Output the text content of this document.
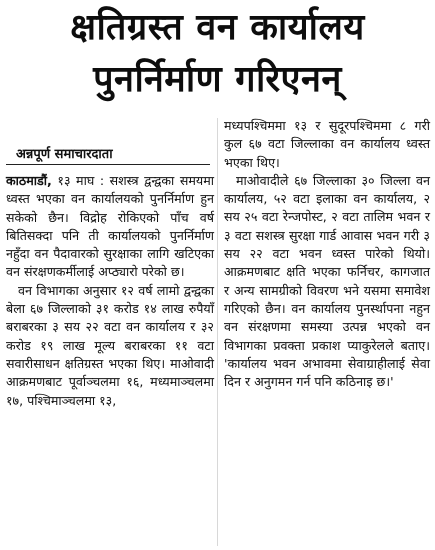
क्षतिग्रस्त वन कार्यालय
पुनर्निर्माण गरिएनन्
अन्नपूर्ण समाचारदाता

काठमाडौं, १३ माघ : सशस्त्र द्वन्द्वका समयमा ध्वस्त भएका वन कार्यालयको पुनर्निर्माण हुन सकेको छैन। विद्रोह रोकिएको पाँच वर्ष बितिसक्दा पनि ती कार्यालयको पुनर्निर्माण नहुँदा वन पैदावारको सुरक्षाका लागि खटिएका वन संरक्षणकर्मीलाई अप्ठ्यारो परेको छ।

वन विभागका अनुसार १२ वर्ष लामो द्वन्द्वका बेला ६७ जिल्लाको ३१ करोड १४ लाख रुपैयाँ बराबरका ३ सय २२ वटा वन कार्यालय र ३२ करोड १९ लाख मूल्य बराबरका ११ वटा सवारीसाधन क्षतिग्रस्त भएका थिए। माओवादी आक्रमणबाट पूर्वाञ्चलमा १६, मध्यमाञ्चलमा १७, पश्चिमाञ्चलमा १३,

मध्यपश्चिममा १३ र सुदूरपश्चिममा ८ गरी कुल ६७ वटा जिल्लाका वन कार्यालय ध्वस्त भएका थिए।

माओवादीले ६७ जिल्लाका ३० जिल्ला वन कार्यालय, ५२ वटा इलाका वन कार्यालय, २ सय २५ वटा रेन्जपोस्ट, २ वटा तालिम भवन र ३ वटा सशस्त्र सुरक्षा गार्ड आवास भवन गरी ३ सय २२ वटा भवन ध्वस्त पारेको थियो।आक्रमणबाट क्षति भएका फर्निचर, कागजात र अन्य सामग्रीको विवरण भने यसमा समावेश गरिएको छैन। वन कार्यालय पुनर्स्थापना नहुन वन संरक्षणमा समस्या उत्पन्न भएको वन विभागका प्रवक्ता प्रकाश प्याकुरेलले बताए। 'कार्यालय भवन अभावमा सेवाग्राहीलाई सेवा दिन र अनुगमन गर्न पनि कठिनाइ छ।'
